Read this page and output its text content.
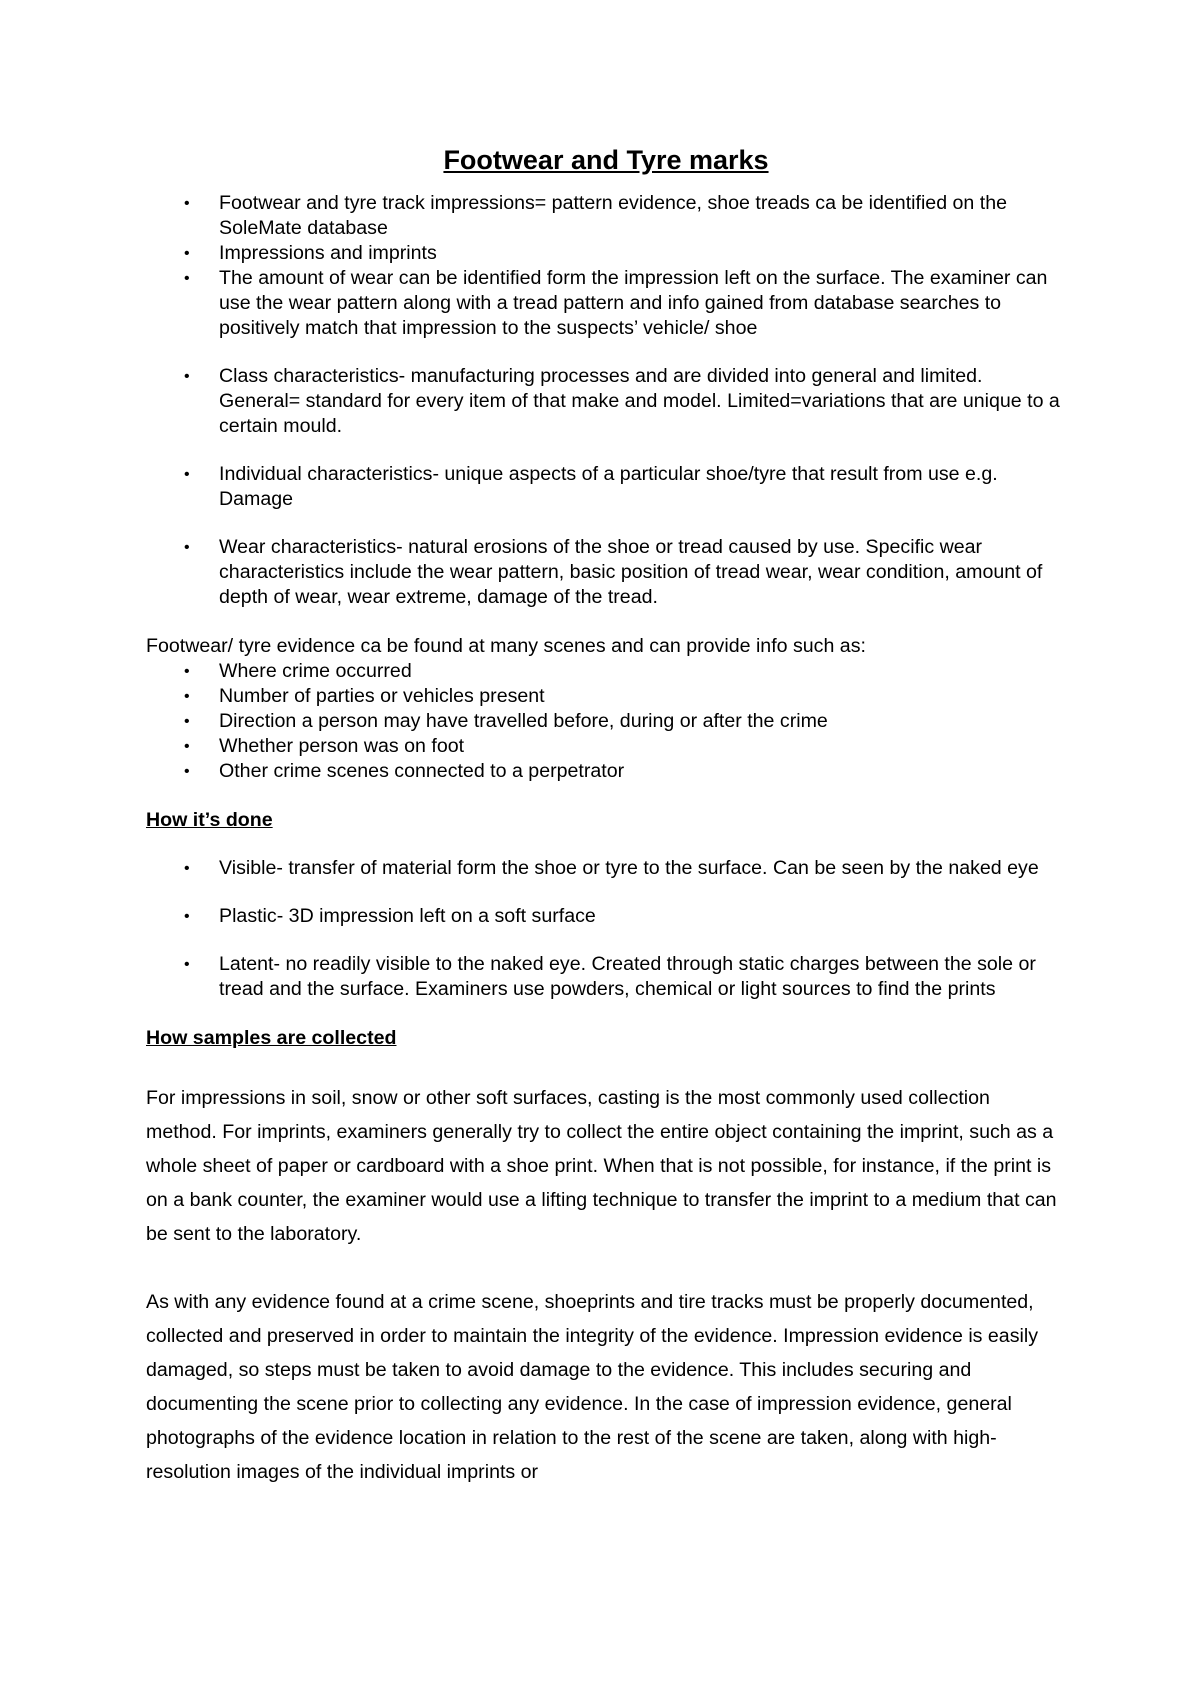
Footwear and Tyre marks
• Footwear and tyre track impressions= pattern evidence, shoe treads ca be identified on the SoleMate database
• Impressions and imprints
• The amount of wear can be identified form the impression left on the surface. The examiner can use the wear pattern along with a tread pattern and info gained from database searches to positively match that impression to the suspects’ vehicle/ shoe
• Class characteristics- manufacturing processes and are divided into general and limited. General= standard for every item of that make and model. Limited=variations that are unique to a certain mould.
• Individual characteristics- unique aspects of a particular shoe/tyre that result from use e.g. Damage
• Wear characteristics- natural erosions of the shoe or tread caused by use. Specific wear characteristics include the wear pattern, basic position of tread wear, wear condition, amount of depth of wear, wear extreme, damage of the tread.

Footwear/ tyre evidence ca be found at many scenes and can provide info such as:

• Where crime occurred
• Number of parties or vehicles present
• Direction a person may have travelled before, during or after the crime
• Whether person was on foot
• Other crime scenes connected to a perpetrator
How it’s done
• Visible- transfer of material form the shoe or tyre to the surface. Can be seen by the naked eye
• Plastic- 3D impression left on a soft surface
• Latent- no readily visible to the naked eye. Created through static charges between the sole or tread and the surface. Examiners use powders, chemical or light sources to find the prints
How samples are collected

For impressions in soil, snow or other soft surfaces, casting is the most commonly used collection method. For imprints, examiners generally try to collect the entire object containing the imprint, such as a whole sheet of paper or cardboard with a shoe print. When that is not possible, for instance, if the print is on a bank counter, the examiner would use a lifting technique to transfer the imprint to a medium that can be sent to the laboratory.

As with any evidence found at a crime scene, shoeprints and tire tracks must be properly documented, collected and preserved in order to maintain the integrity of the evidence. Impression evidence is easily damaged, so steps must be taken to avoid damage to the evidence. This includes securing and documenting the scene prior to collecting any evidence. In the case of impression evidence, general photographs of the evidence location in relation to the rest of the scene are taken, along with high-resolution images of the individual imprints or
